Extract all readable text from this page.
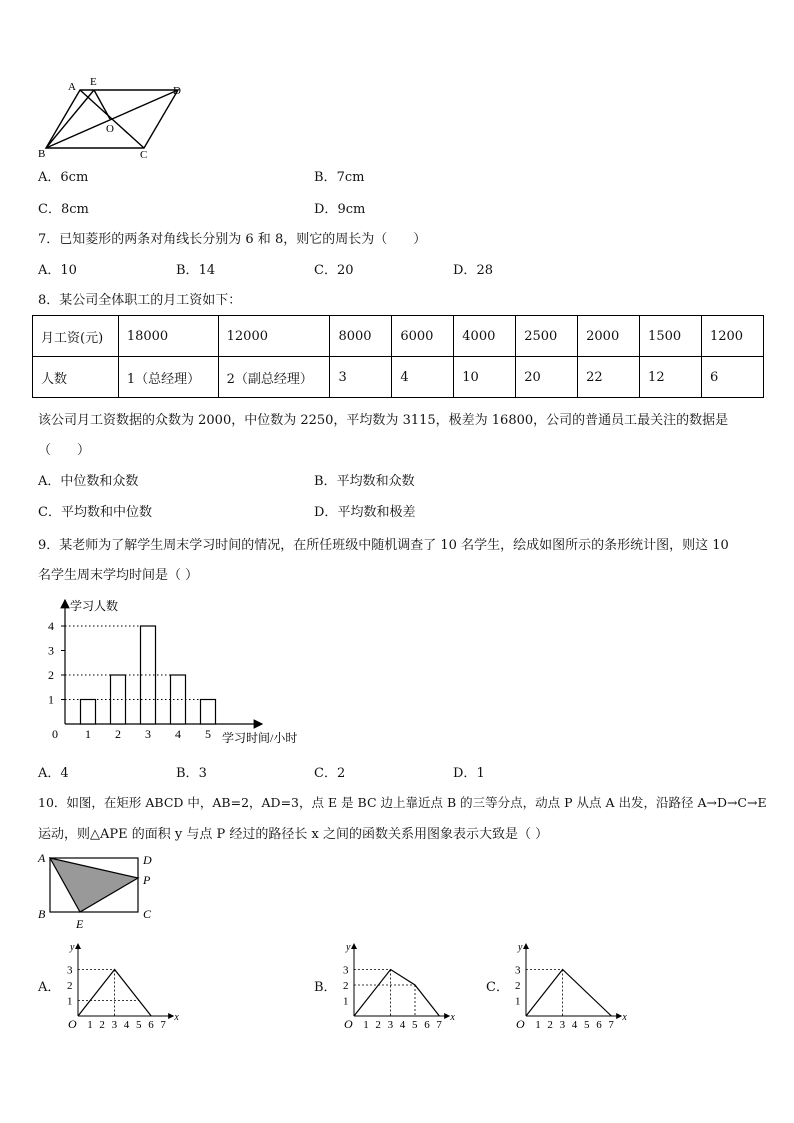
A E
D
O
B	C
A．6cm	B．7cm
C．8cm	D．9cm
7．已知菱形的两条对角线长分别为 6 和 8，则它的周长为（　　）
A．10	B．14	C．20	D．28
8．某公司全体职工的月工资如下：
月工资(元)	18000	12000	8000	6000	4000	2500	2000	1500	1200
人数	1（总经理）	2（副总经理）	3	4	10	20	22	12	6
该公司月工资数据的众数为 2000，中位数为 2250，平均数为 3115，极差为 16800，公司的普通员工最关注的数据是
（　　）
A．中位数和众数	B．平均数和众数
C．平均数和中位数	D．平均数和极差
9．某老师为了解学生周末学习时间的情况，在所任班级中随机调查了 10 名学生，绘成如图所示的条形统计图，则这 10
名学生周末学均时间是（ ）
学习人数
学习时间/小时
0
1
2
3
4
1 2 3 4 5
A．4	B．3	C．2	D．1
10．如图，在矩形 ABCD 中，AB=2，AD=3，点 E 是 BC 边上靠近点 B 的三等分点，动点 P 从点 A 出发，沿路径 A→D→C→E
运动，则△APE 的面积 y 与点 P 经过的路径长 x 之间的函数关系用图象表示大致是（ ）
A	D
P
B
E
C
A．
y
x
O
1
2
3
1 2 3 4 5 6 7
B．
y
x
O
1
2
3
1 2 3 4 5 6 7
C．
y
x
O
1
2
3
1 2 3 4 5 6 7
